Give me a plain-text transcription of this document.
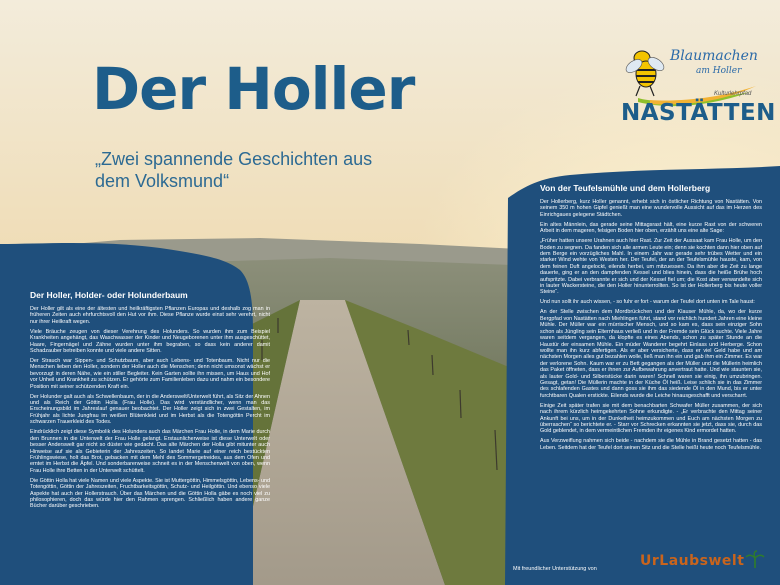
Der Holler
„Zwei spannende Geschichten aus dem Volksmund“
Blaumachen
am Holler
Kulturlehrpfad
NASTÄTTEN
Der Holler, Holder- oder Holunderbaum

Der Holler gilt als eine der ältesten und heilkräftigsten Pflanzen Europas und deshalb zog man in früheren Zeiten auch ehrfurchtsvoll den Hut vor ihm. Diese Pflanze wurde einst sehr verehrt, nicht nur ihrer Heilkraft wegen.

Viele Bräuche zeugen von dieser Verehrung des Holunders. So wurden ihm zum Beispiel Krankheiten angehängt, das Waschwasser der Kinder und Neugeborenen unter ihm ausgeschüttet, Haare, Fingernägel und Zähne wurden unter ihm begraben, so dass kein anderer damit Schadzauber betreiben konnte und viele andere Sitten.

Der Strauch war Sippen- und Schutzbaum, aber auch Lebens- und Totenbaum. Nicht nur die Menschen lieben den Holler, sondern der Holler auch die Menschen; denn nicht umsonst wächst er bevorzugt in deren Nähe, wie ein stiller Begleiter. Kein Garten sollte ihn missen, um Haus und Hof vor Unheil und Krankheit zu schützen. Er gehörte zum Familienleben dazu und nahm ein besondere Position mit seiner schützenden Kraft ein.

Der Holunder galt auch als Schwellenbaum, der in die Anderswelt/Unterwelt führt, als Sitz der Ahnen und als Reich der Göttin Holla (Frau Holle). Das wird verständlicher, wenn man das Erscheinungsbild im Jahreslauf genauer beobachtet. Der Holler zeigt sich in zwei Gestalten, im Frühjahr als lichte Jungfrau im weißen Blütenkleid und im Herbst als die Totengöttin Percht im schwarzen Trauerkleid des Todes.

Eindrücklich zeigt diese Symbolik des Holunders auch das Märchen Frau Holle, in dem Marie durch den Brunnen in die Unterwelt der Frau Holle gelangt. Erstaunlicherweise ist diese Unterwelt oder besser Anderswelt gar nicht so düster wie gedacht. Das alte Märchen der Holla gibt mitunter auch Hinweise auf sie als Gebieterin der Jahreszeiten. So landet Marie auf einer reich bestückten Frühlingswiese, holt das Brot, gebacken mit dem Mehl des Sommergetreides, aus dem Ofen und erntet im Herbst die Äpfel. Und sonderbarerweise schneit es in der Menschenwelt von oben, wenn Frau Holle ihre Betten in der Unterwelt schüttelt.

Die Göttin Holla hat viele Namen und viele Aspekte. Sie ist Muttergöttin, Himmelsgöttin, Lebens- und Totengöttin, Göttin der Jahreszeiten, Fruchtbarkeitsgöttin, Schutz- und Heilgöttin. Und ebenso viele Aspekte hat auch der Hollerstrauch. Über das Märchen und die Göttin Holla gäbe es noch viel zu philosophieren, doch das würde hier den Rahmen sprengen. Schließlich haben andere ganze Bücher darüber geschrieben.

Von der Teufelsmühle und dem Hollerberg

Der Hollerberg, kurz Holler genannt, erhebt sich in östlicher Richtung von Nastätten. Von seinem 350 m hohen Gipfel genießt man eine wundervolle Aussicht auf das im Herzen des Einrichgaues gelegene Städtchen.

Ein altes Männlein, das gerade seine Mittagsrast hält, eine kurze Rast von der schweren Arbeit in dem mageren, felsigen Boden hier oben, erzählt uns eine alte Sage:

„Früher hatten unsere Urahnen auch hier Rast. Zur Zeit der Aussaat kam Frau Holle, um den Boden zu segnen. Da fanden sich alle armen Leute ein; denn sie kochten dann hier oben auf dem Berge ein vorzügliches Mahl. In einem Jahr war gerade sehr trübes Wetter und ein starker Wind wehte von Westen her. Der Teufel, der an der Teufelsmühle hauste, kam, von dem feinen Duft angelockt, eilends herbei, um mitzuessen. Da ihm aber die Zeit zu lange dauerte, ging er an den dampfenden Kessel und blies hinein, dass die heiße Brühe hoch aufspritzte. Dabei verbrannte er sich und der Kessel fiel um; die Kost aber verwandelte sich in lauter Wackersteine, die den Holler hinunterrollten. So ist der Hollerberg bis heute voller Steine“.

Und nun sollt ihr auch wissen, - so fuhr er fort - warum der Teufel dort unten im Tale haust:

An der Stelle zwischen dem Mordbrückchen und der Klauser Mühle, da, wo der kurze Bergpfad von Nastätten nach Miehlingen führt, stand vor reichlich hundert Jahren eine kleine Mühle. Der Müller war ein mürrischer Mensch, und so kam es, dass sein einziger Sohn schon als Jüngling sein Elternhaus verließ und in der Fremde sein Glück suchte. Viele Jahre waren seitdem vergangen, da klopfte es eines Abends, schon zu später Stunde an die Haustür der einsamen Mühle. Ein müder Wanderer begehrt Einlass und Herberge. Schon wollte man ihn kurz abfertigen. Als er aber versicherte, dass er viel Geld habe und am nächsten Morgen alles gut bezahlen wolle, ließ man ihn ein und gab ihm ein Zimmer. Es war der verlorene Sohn. Kaum war er zu Bett gegangen als der Müller und die Müllerin heimlich das Paket öffneten, dass er ihnen zur Aufbewahrung anvertraut hatte. Und wie staunten sie, als lauter Gold- und Silberstücke darin waren! Schnell waren sie einig, ihn umzubringen. Gesagt, getan! Die Müllerin machte in der Küche Öl heiß. Leise schlich sie in das Zimmer des schlafenden Gastes und dann goss sie ihm das siedende Öl in den Mund, bis er unter furchtbaren Qualen erstickte. Eilends wurde die Leiche hinausgeschafft und verscharrt.

Einige Zeit später trafen sie mit dem benachbarten Schwafer Müller zusammen, der sich nach ihrem kürzlich heimgekehrten Sohne erkundigte. - „Er verbrachte den Mittag seiner Ankunft bei uns, um in der Dunkelheit heimzukommen und Euch am nächsten Morgen zu überraschen“ so berichtete er. - Starr vor Schrecken erkannten sie jetzt, dass sie, durch das Gold geblendet, in dem vermeintlichen Fremden ihr eigenes Kind ermordet hatten.

Aus Verzweiflung nahmen sich beide - nachdem sie die Mühle in Brand gesetzt hatten - das Leben. Seitdem hat der Teufel dort seinen Sitz und die Stelle heißt heute noch Teufelsmühle.

Mit freundlicher Unterstützung von	UrLaubswelt
